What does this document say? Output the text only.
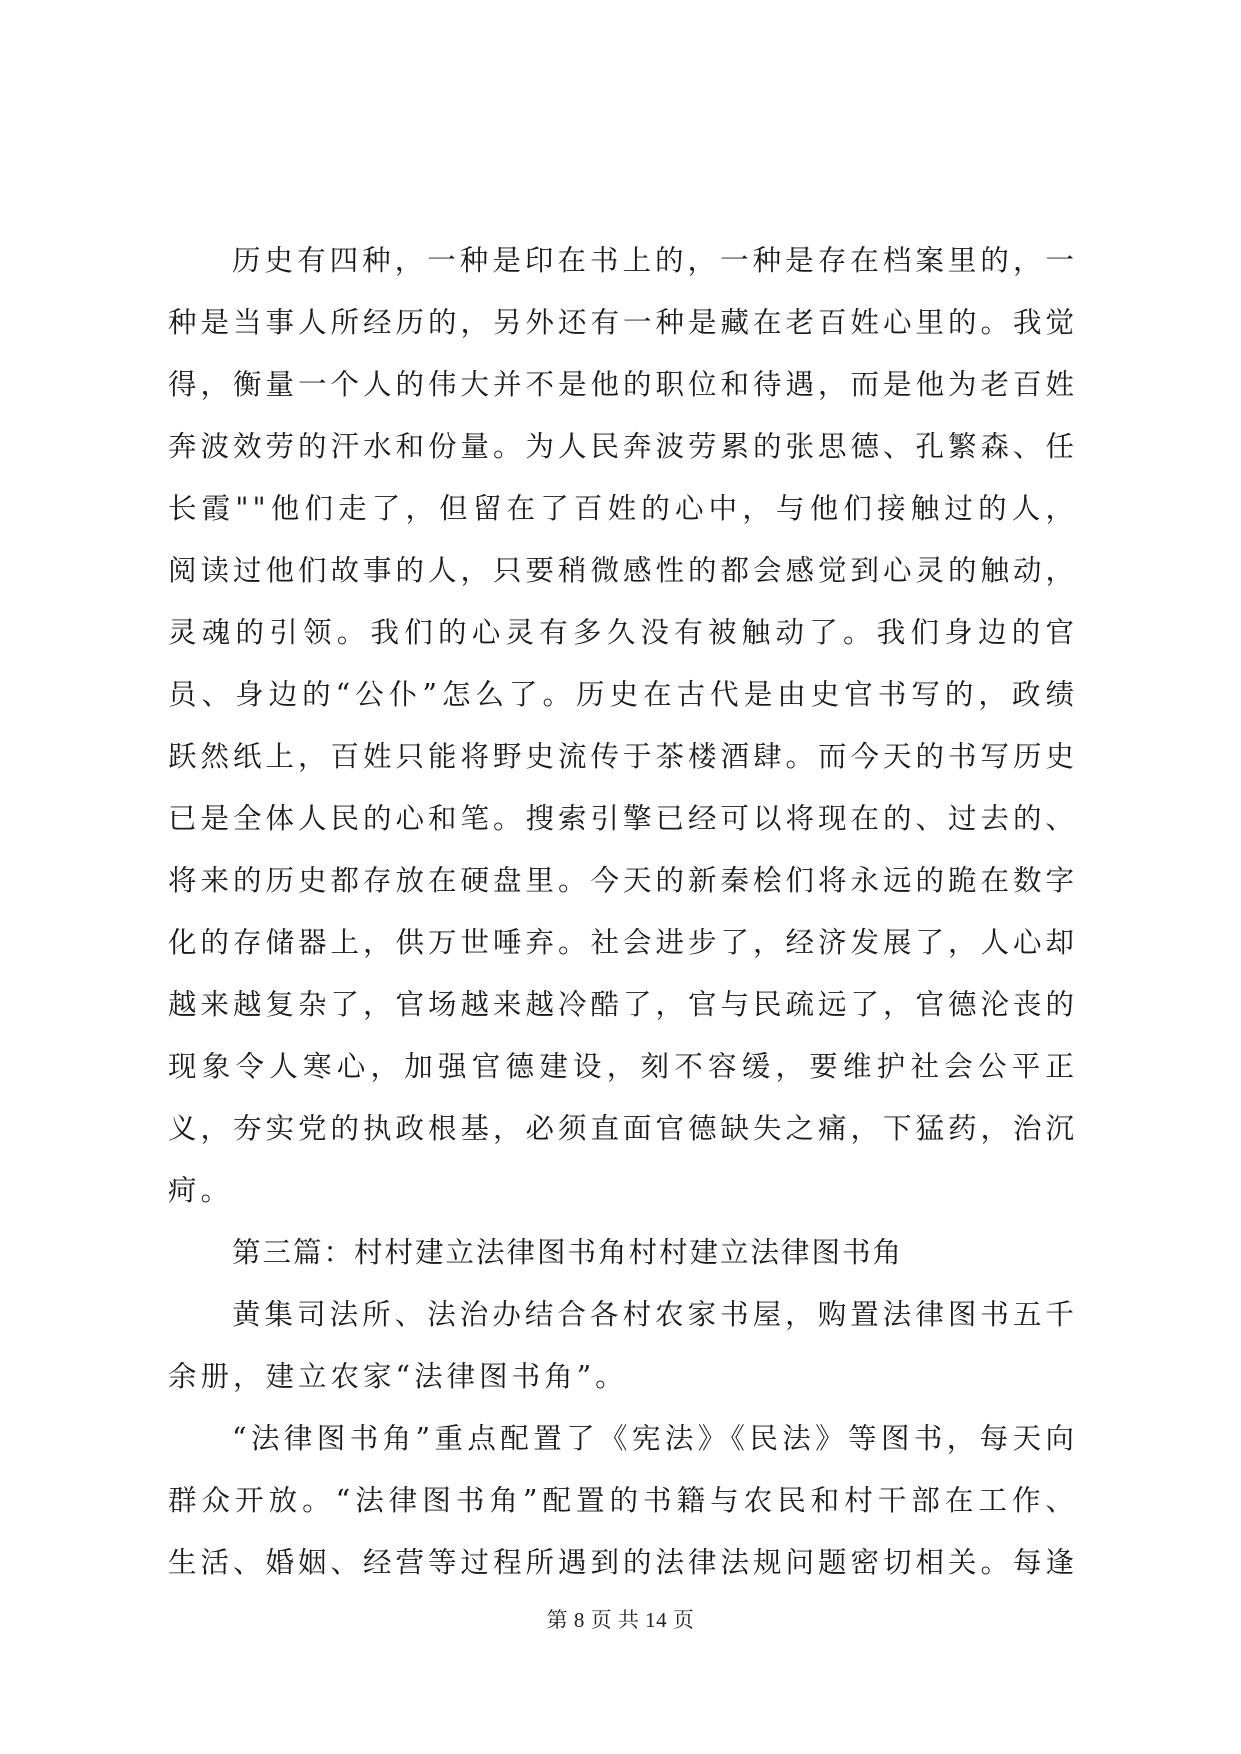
历史有四种，一种是印在书上的，一种是存在档案里的，一种是当事人所经历的，另外还有一种是藏在老百姓心里的。我觉得，衡量一个人的伟大并不是他的职位和待遇，而是他为老百姓奔波效劳的汗水和份量。为人民奔波劳累的张思德、孔繁森、任长霞""他们走了，但留在了百姓的心中，与他们接触过的人，阅读过他们故事的人，只要稍微感性的都会感觉到心灵的触动，灵魂的引领。我们的心灵有多久没有被触动了。我们身边的官员、身边的“公仆”怎么了。历史在古代是由史官书写的，政绩跃然纸上，百姓只能将野史流传于茶楼酒肆。而今天的书写历史已是全体人民的心和笔。搜索引擎已经可以将现在的、过去的、将来的历史都存放在硬盘里。今天的新秦桧们将永远的跪在数字化的存储器上，供万世唾弃。社会进步了，经济发展了，人心却越来越复杂了，官场越来越冷酷了，官与民疏远了，官德沦丧的现象令人寒心，加强官德建设，刻不容缓，要维护社会公平正义，夯实党的执政根基，必须直面官德缺失之痛，下猛药，治沉疴。

第三篇：村村建立法律图书角村村建立法律图书角

黄集司法所、法治办结合各村农家书屋，购置法律图书五千余册，建立农家“法律图书角”。

“法律图书角”重点配置了《宪法》《民法》等图书，每天向群众开放。“法律图书角”配置的书籍与农民和村干部在工作、生活、婚姻、经营等过程所遇到的法律法规问题密切相关。每逢

第 8 页 共 14 页
